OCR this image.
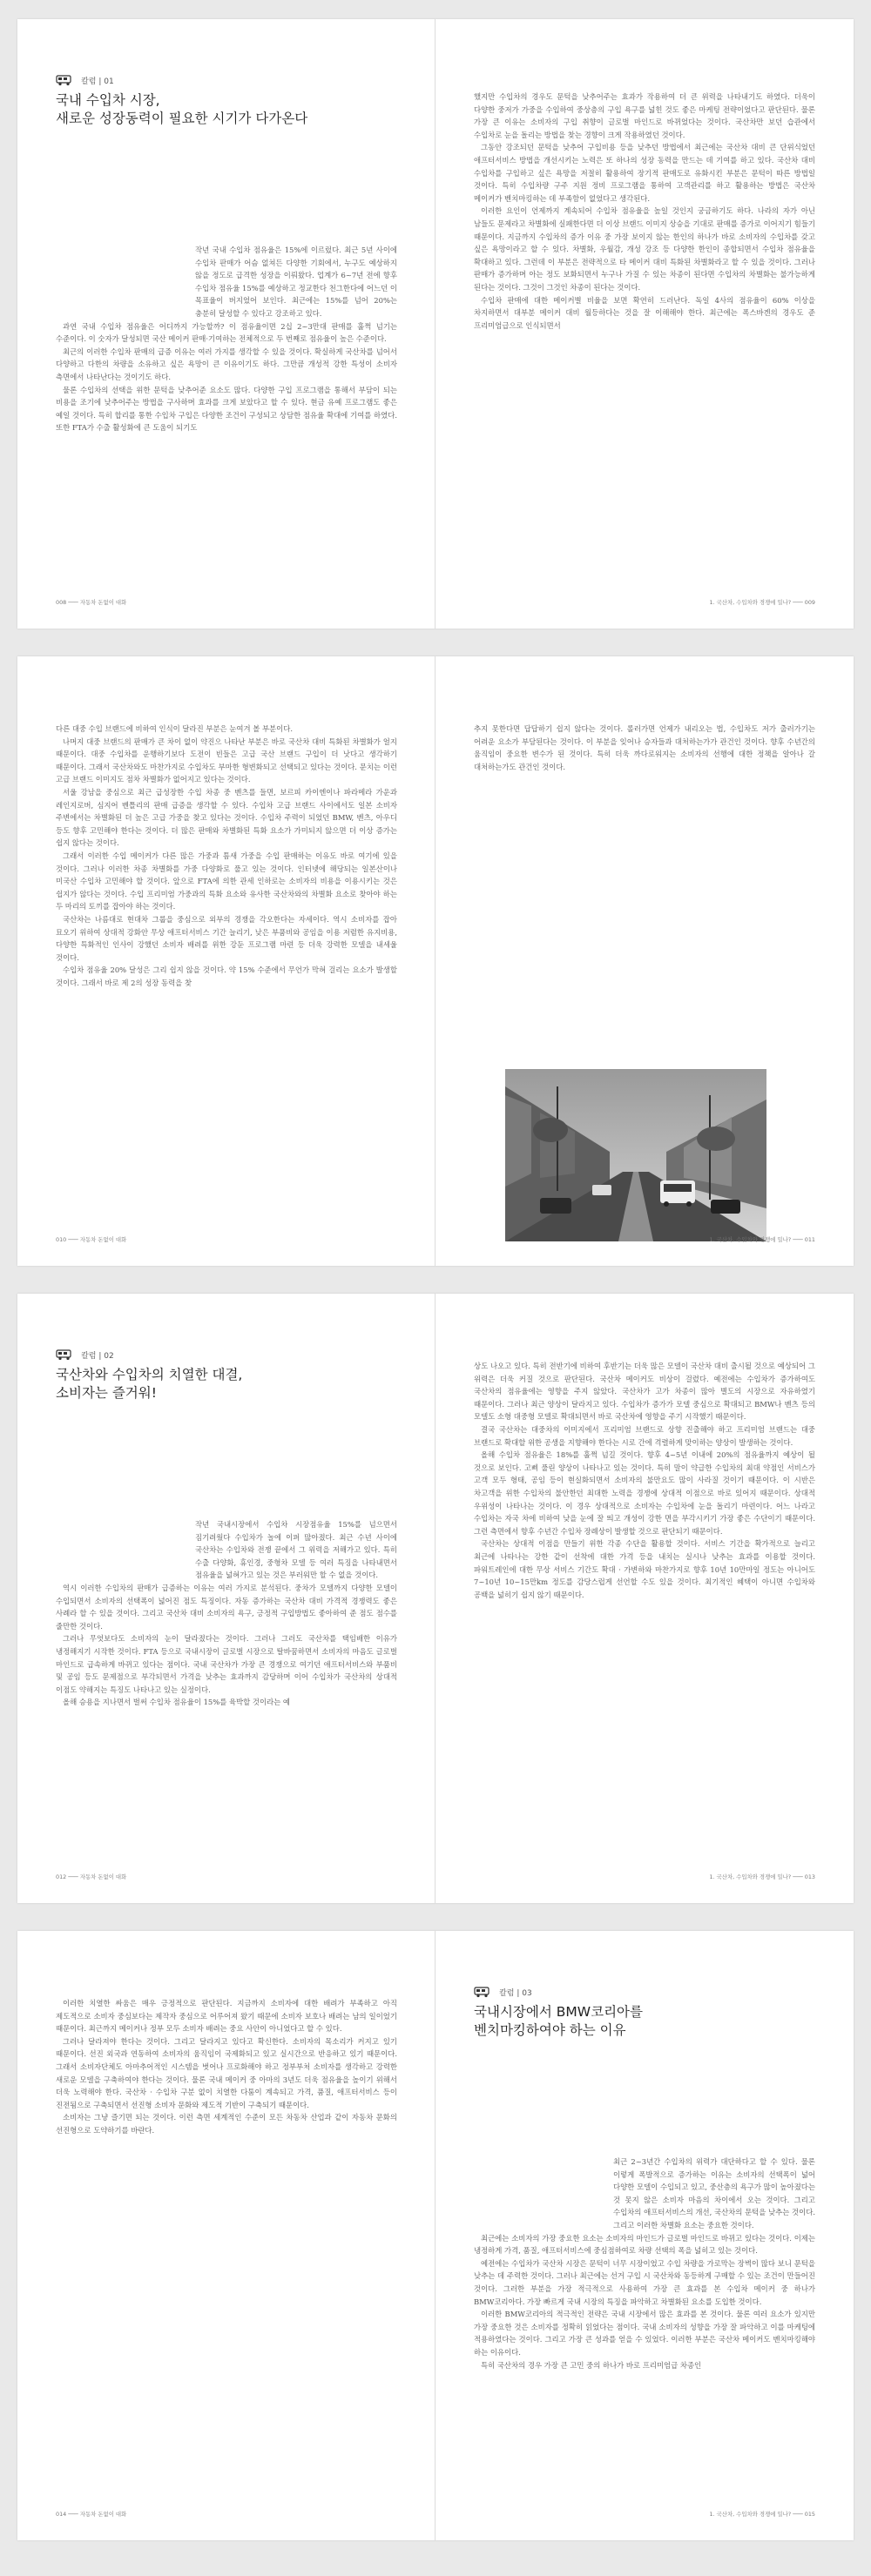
칼럼 | 01
국내 수입차 시장,
새로운 성장동력이 필요한 시기가 다가온다

작년 국내 수입차 점유율은 15%에 이르렀다. 최근 5년 사이에 수입차 판매가 어슴 없쳐든 다양한 기회에서, 누구도 예상하지 않을 정도로 급격한 성장을 이뤄왔다. 업계가 6~7년 전에 향후 수입차 점유율 15%를 예상하고 정교한다 천그한다에 어느던 이 목표율이 버지었어 보인다. 최근에는 15%를 넘어 20%는 충분히 달성할 수 있다고 강조하고 있다.

과연 국내 수입차 점유율은 어디까지 가능할까? 이 점유율이면 2십 2~3만대 판매를 훌쩍 넘기는 수준이다. 이 숫자가 달성되면 국산 메이커 판매·기여하는 전체적으로 두 번째로 점유율이 높은 수준이다.

최근의 이러한 수입차 판매의 급증 이유는 여러 가지를 생각할 수 있을 것이다. 확실하게 국산차를 넘어서 다양하고 다한의 차량을 소유하고 싶은 욕망이 큰 이유이기도 하다. 그만큼 개성적 강한 특성이 소비자 측면에서 나타난다는 것이기도 하다.

물론 수입차의 선택을 위한 문턱을 낮추어준 요소도 많다. 다양한 구입 프로그램을 통해서 부담이 되는 비용을 조기에 낮추어주는 방법을 구사하며 효과를 크게 보았다고 할 수 있다. 현금 유예 프로그램도 좋은 예일 것이다. 특히 합리를 통한 수입차 구입은 다양한 조건이 구성되고 상담한 점유율 확대에 기여를 하였다. 또한 FTA가 수출 활성화에 큰 도움이 되기도

008 ─── 자동차 돈없이 대화

했지만 수입차의 경우도 문턱을 낮추어주는 효과가 작용하여 더 큰 위력을 나타내기도 하였다. 더욱이 다양한 중저가 가중을 수입하여 중상층의 구입 욕구를 넓힌 것도 좋은 마케팅 전략이었다고 판단된다. 물론 가장 큰 이유는 소비자의 구입 취향이 글로벌 마인드로 바뀌었다는 것이다. 국산차만 보던 습관에서 수입차로 눈을 돌리는 방법을 찾는 경향이 크게 작용하였던 것이다.

그동안 강조되던 문턱을 낮추어 구입비용 등을 낮추던 방법에서 최근에는 국산차 대비 큰 단위식었던 애프터서비스 방법을 개선시키는 노력은 또 하나의 성장 동력을 만드는 데 기여를 하고 있다. 국산차 대비 수입차를 구입하고 싶은 욕망을 저절히 활용하여 장기적 판매도로 유화시킨 부분은 문턱이 따른 방법일 것이다. 특히 수입차량 구주 지원 정비 프로그램을 통하여 고객관리를 하고 활용하는 방법은 국산차 메이커가 벤치마킹하는 데 부족함이 없었다고 생각된다.

이러한 요인이 언제까지 계속되어 수입차 점유율을 높일 것인지 궁금하기도 하다. 나라의 자가 아닌 남들도 문제라고 차별화에 실패한다면 더 이상 브랜드 이미지 상승을 기대로 판매를 증가로 이어지기 힘들기 때문이다. 지금까지 수입차의 증가 이유 중 가장 보이지 않는 한인의 하나가 바로 소비자의 수입차를 갖고 싶은 욕망이라고 할 수 있다. 차별화, 우월감, 개성 강조 등 다양한 한인이 종합되면서 수입차 점유율을 확대하고 있다. 그런데 이 부분은 전략적으로 타 메이커 대비 특화된 차별화라고 할 수 있을 것이다. 그러나 판매가 증가하며 아는 정도 보화되면서 누구나 가질 수 있는 차종이 된다면 수입차의 차별화는 불가능하게 된다는 것이다. 그것이 그것인 차종이 된다는 것이다.

수입차 판매에 대한 메이커별 비율을 보면 확연히 드러난다. 독일 4사의 점유율이 60% 이상을 차지하면서 대부분 메이커 대비 월등하다는 것을 잘 이해해야 한다. 최근에는 폭스바겐의 경우도 준 프리미엄급으로 인식되면서

1. 국산차, 수입차와 경쟁에 밀나? ─── 009

다른 대중 수입 브랜드에 비하여 인식이 달라진 부분은 눈여겨 볼 부분이다.

나머지 대중 브랜드의 판매가 큰 차이 없이 약진으 나타난 부분은 바로 국산차 대비 특화된 차별화가 얼지 때문이다. 대중 수입차를 운행하기보다 도전이 빈들은 고급 국산 브랜드 구입이 더 낫다고 생각하기 때문이다. 그래서 국산차와도 마찬가지로 수입차도 부마한 형변화되고 선택되고 있다는 것이다. 문치는 이런 고급 브랜드 이미지도 점차 차별화가 없어지고 있다는 것이다.

서울 강남을 중심으로 최근 급성장한 수입 차종 중 벤츠를 들면, 보르피 카이엔이나 파라메라 가운과 레인지로버, 심지어 벤틀리의 판매 급증을 생각할 수 있다. 수입차 고급 브랜드 사이에서도 일본 소비자 주변에서는 차별화된 더 높은 고급 가중을 찾고 있다는 것이다. 수입차 주력이 되었던 BMW, 벤츠, 아우디 등도 향후 고민해야 한다는 것이다. 더 많은 판매와 차별화된 특화 요소가 가미되지 않으면 더 이상 증가는 쉽지 않다는 것이다.

그래서 이러한 수입 메이커가 다른 많은 가중과 틈새 가중을 수입 판매하는 이유도 바로 여기에 있을 것이다. 그러나 이러한 차종 차별화를 가중 다양화로 풀고 있는 것이다. 인터넷에 해당되는 일본산이나 미국산 수입차 고민해야 할 것이다. 앞으로 FTA에 의한 관세 인하로는 소비자의 비용을 이용시키는 것은 쉽지가 않다는 것이다. 수입 프리미엄 가중과의 특화 요소와 유사한 국산차와의 차별화 요소로 찾아야 하는 두 마리의 토끼를 잡아야 하는 것이다.

국산차는 나름대로 현대차 그룹을 중심으로 외부의 경쟁을 각오한다는 자세이다. 역시 소비자를 잡아 묘오기 위하여 상대적 강화안 무상 애프터서비스 기간 늘리기, 낮은 부품비와 공임을 이용 저렴한 유지비용, 다양한 특화적인 인사이 강했던 소비자 배려를 위한 강둔 프로그램 마련 등 더욱 강력한 모델을 내세울 것이다.

수입차 점유율 20% 달성은 그리 쉽지 않을 것이다. 약 15% 수준에서 무언가 막혀 걸리는 요소가 발생할 것이다. 그래서 바로 제 2의 성장 동력을 찾

010 ─── 자동차 돈없이 대화

추지 못한다면 답답하기 쉽지 않다는 것이다. 롤러가면 언제가 내리오는 법, 수입차도 저가 출러가기는 어려운 요소가 부담된다는 것이다. 이 부분을 잊어나 승자들과 대처하는가가 관건인 것이다. 향후 수년간의 움직임이 중요한 변수가 된 것이다. 특히 더욱 까다로워지는 소비자의 선행에 대한 정책을 알아나 갈 대처하는가도 관건인 것이다.

1. 국산차, 수입차와 경쟁에 밀나? ─── 011
칼럼 | 02
국산차와 수입차의 치열한 대결,
소비자는 즐거워!

작년 국내시장에서 수입차 시장점유율 15%를 넘으면서 짐기려웠다 수입차가 놀에 이퍼 많아졌다. 최근 수년 사이에 국산차는 수입차와 전쟁 끝에서 그 위력을 저해가고 있다. 특히 수출 다양화, 휴인경, 중형차 모델 등 여러 특징을 나타내면서 점유율을 넓혀가고 있는 것은 부러워만 할 수 없을 것이다.

역시 이러한 수입차의 판매가 급증하는 이유는 여러 가지로 분석된다. 중차가 모델까지 다양한 모델이 수입되면서 소비자의 선택폭이 넓어진 점도 특징이다. 자동 증가하는 국산차 대비 가격적 경쟁력도 좋은 사례라 할 수 있을 것이다. 그리고 국산차 대비 소비자의 욕구, 긍정적 구입방법도 좋아하여 준 점도 점수를 줄만한 것이다.

그러나 무엇보다도 소비자의 눈이 달라졌다는 것이다. 그러나 그러도 국산차를 택임배한 이유가 냉정해지기 시작한 것이다. FTA 등으로 국내시장이 글로벌 시장으로 탈바꿈하면서 소비자의 마음도 글로벌 마인드로 급속하게 바뀌고 있다는 점이다. 국내 국산차가 가장 큰 경쟁으로 여기던 애프터서비스와 부품비 및 공임 등도 문제점으로 부각되면서 가격을 낮추는 효과까지 감당하며 이어 수입차가 국산차의 상대적 이점도 약해지는 특징도 나타나고 있는 실정이다.

올해 승용을 지나면서 벌써 수입차 점유율이 15%를 육박할 것이라는 예

012 ─── 자동차 돈없이 대화

상도 나오고 있다. 특히 전반기에 비하여 후반기는 더욱 많은 모델이 국산차 대비 출시될 것으로 예상되어 그 위력은 더욱 커질 것으로 판단된다. 국산차 메이커도 비상이 걸렸다. 예전에는 수입차가 증가하여도 국산차의 점유율에는 영향을 주지 않았다. 국산차가 고가 차종이 많아 별도의 시장으로 자유하였기 때문이다. 그러나 최근 양상이 달라지고 있다. 수입차가 증가가 모델 중심으로 확대되고 BMW나 벤츠 등의 모델도 소형 대중형 모델로 확대되면서 바로 국산차에 영향을 주기 시작했기 때문이다.

결국 국산차는 대중차의 이미지에서 프리미엄 브랜드로 상향 진출해야 하고 프리미엄 브랜드는 대중 브랜드로 확대할 위한 공생을 지향해야 한다는 시로 간에 격렬하게 맞이하는 양상이 발생하는 것이다.

올해 수입차 점유율은 18%를 훌쩍 넘길 것이다. 향후 4~5년 이내에 20%의 점유율까지 예상이 될 것으로 보인다. 고삐 풀린 양상이 나타나고 있는 것이다. 특히 말이 약급한 수입차의 최대 약점인 서비스가 고객 모두 형태, 공임 등이 현실화되면서 소비자의 불만요도 많이 사라질 것이기 때문이다. 이 시반은 차고객을 위한 수입차의 불안한던 최대한 노력을 경쟁에 상대적 이점으로 바로 있어지 때문이다. 상대적 우위성이 나타나는 것이다. 이 경우 상대적으로 소비자는 수입차에 눈을 돌리기 마련이다. 어느 나라고 수입차는 자국 차에 비하여 낮을 눈에 잘 띄고 개성이 강한 면을 부각시키기 가장 좋은 수단이기 때문이다. 그런 측면에서 향후 수년간 수입차 장례상이 발생할 것으로 판단되기 때문이다.

국산차는 상대적 이점을 만들기 위한 각종 수단을 활용할 것이다. 서비스 기간을 확가적으로 늘리고 최근에 나타나는 강한 같이 선착에 대한 가격 등을 내치는 실시나 낮추는 효과를 이용할 것이다. 파워트레인에 대한 무상 서비스 기간도 확대 · 가변하와 마찬가지로 향후 10년 10만마일 정도는 아니어도 7~10년 10~15만km 정도를 감당스럽게 선언할 수도 있을 것이다. 최기적인 혜택이 아니면 수입차와 공백을 넓히기 쉽지 않기 때문이다.

1. 국산차, 수입차와 경쟁에 밀나? ─── 013

이러한 치열한 싸움은 매우 긍정적으로 판단된다. 지금까지 소비자에 대한 배려가 부족하고 아직 제도적으로 소비자 중심보다는 제작자 중심으로 어루어져 왔기 때문에 소비자 보호나 배려는 남의 일이었기 때문이다. 최근까지 메이커나 정부 모두 소비자 배려는 중요 사안이 아니었다고 할 수 있다.

그러나 달라져야 한다는 것이다. 그리고 달라지고 있다고 확신한다. 소비자의 목소리가 커지고 있기 때문이다. 선진 외국과 연동하여 소비자의 움직임이 국제화되고 있고 실시간으로 반응하고 있기 때문이다. 그래서 소비자단체도 아마추어적인 시스템을 벗어나 프로화해야 하고 정부부처 소비자를 생각하고 강력한 새로운 모델을 구축하여야 한다는 것이다. 물론 국내 메이커 중 아마의 3년도 더욱 점유율을 높이기 위해서 더욱 노력해야 한다. 국산차 · 수입차 구분 없이 치열한 다툼이 계속되고 가격, 품질, 애프터서비스 등이 진전됨으로 구축되면서 선진형 소비자 문화와 제도적 기반이 구축되기 때문이다.

소비자는 그냥 즐기면 되는 것이다. 이런 측면 세계적인 수준이 모든 차동차 산업과 같이 자동차 문화의 선진형으로 도약하기를 바란다.

014 ─── 자동차 돈없이 대화
칼럼 | 03
국내시장에서 BMW코리아를
벤치마킹하여야 하는 이유

최근 2~3년간 수입차의 위력가 대단하다고 할 수 있다. 물론 이렇게 폭발적으로 증가하는 이유는 소비자의 선택폭이 넓어 다양한 모델이 수입되고 있고, 중산층의 욕구가 많이 높아졌다는 것 못지 않은 소비자 마음의 차이에서 오는 것이다. 그리고 수입차의 애프터서비스의 개선, 국산차의 문턱을 낮추는 것이다. 그리고 이러한 차별화 요소는 중요한 것이다.

최근에는 소비자의 가장 중요한 요소는 소비자의 마인드가 글로벌 마인드로 바뀌고 있다는 것이다. 이제는 냉정하게 가격, 품질, 애프터서비스에 중심점하여로 차량 선택의 폭을 넓히고 있는 것이다.

예전에는 수입차가 국산차 시장은 문턱이 너무 시장이었고 수입 차량을 가로막는 장벽이 많다 보니 문턱을 낮추는 데 주력한 것이다. 그러나 최근에는 선거 구입 시 국산차와 동등하게 구매할 수 있는 조건이 만들어진 것이다. 그러한 부분을 가장 적극적으로 사용하여 가장 큰 효과를 본 수입차 메이커 중 하나가 BMW코리아다. 가장 빠르게 국내 시장의 특징을 파악하고 차별화된 요소를 도입한 것이다.

이러한 BMW코리아의 적극적인 전략은 국내 시장에서 많은 효과를 본 것이다. 물론 여러 요소가 있지만 가장 중요한 것은 소비자를 정확히 읽었다는 점이다. 국내 소비자의 성향을 가장 잘 파악하고 이를 마케팅에 적용하였다는 것이다. 그리고 가장 큰 성과를 얻을 수 있었다. 이러한 부분은 국산차 메이커도 벤치마킹해야 하는 이유이다.

특히 국산차의 경우 가장 큰 고민 중의 하나가 바로 프리미엄급 차종인

1. 국산차, 수입차와 경쟁에 밀나? ─── 015
